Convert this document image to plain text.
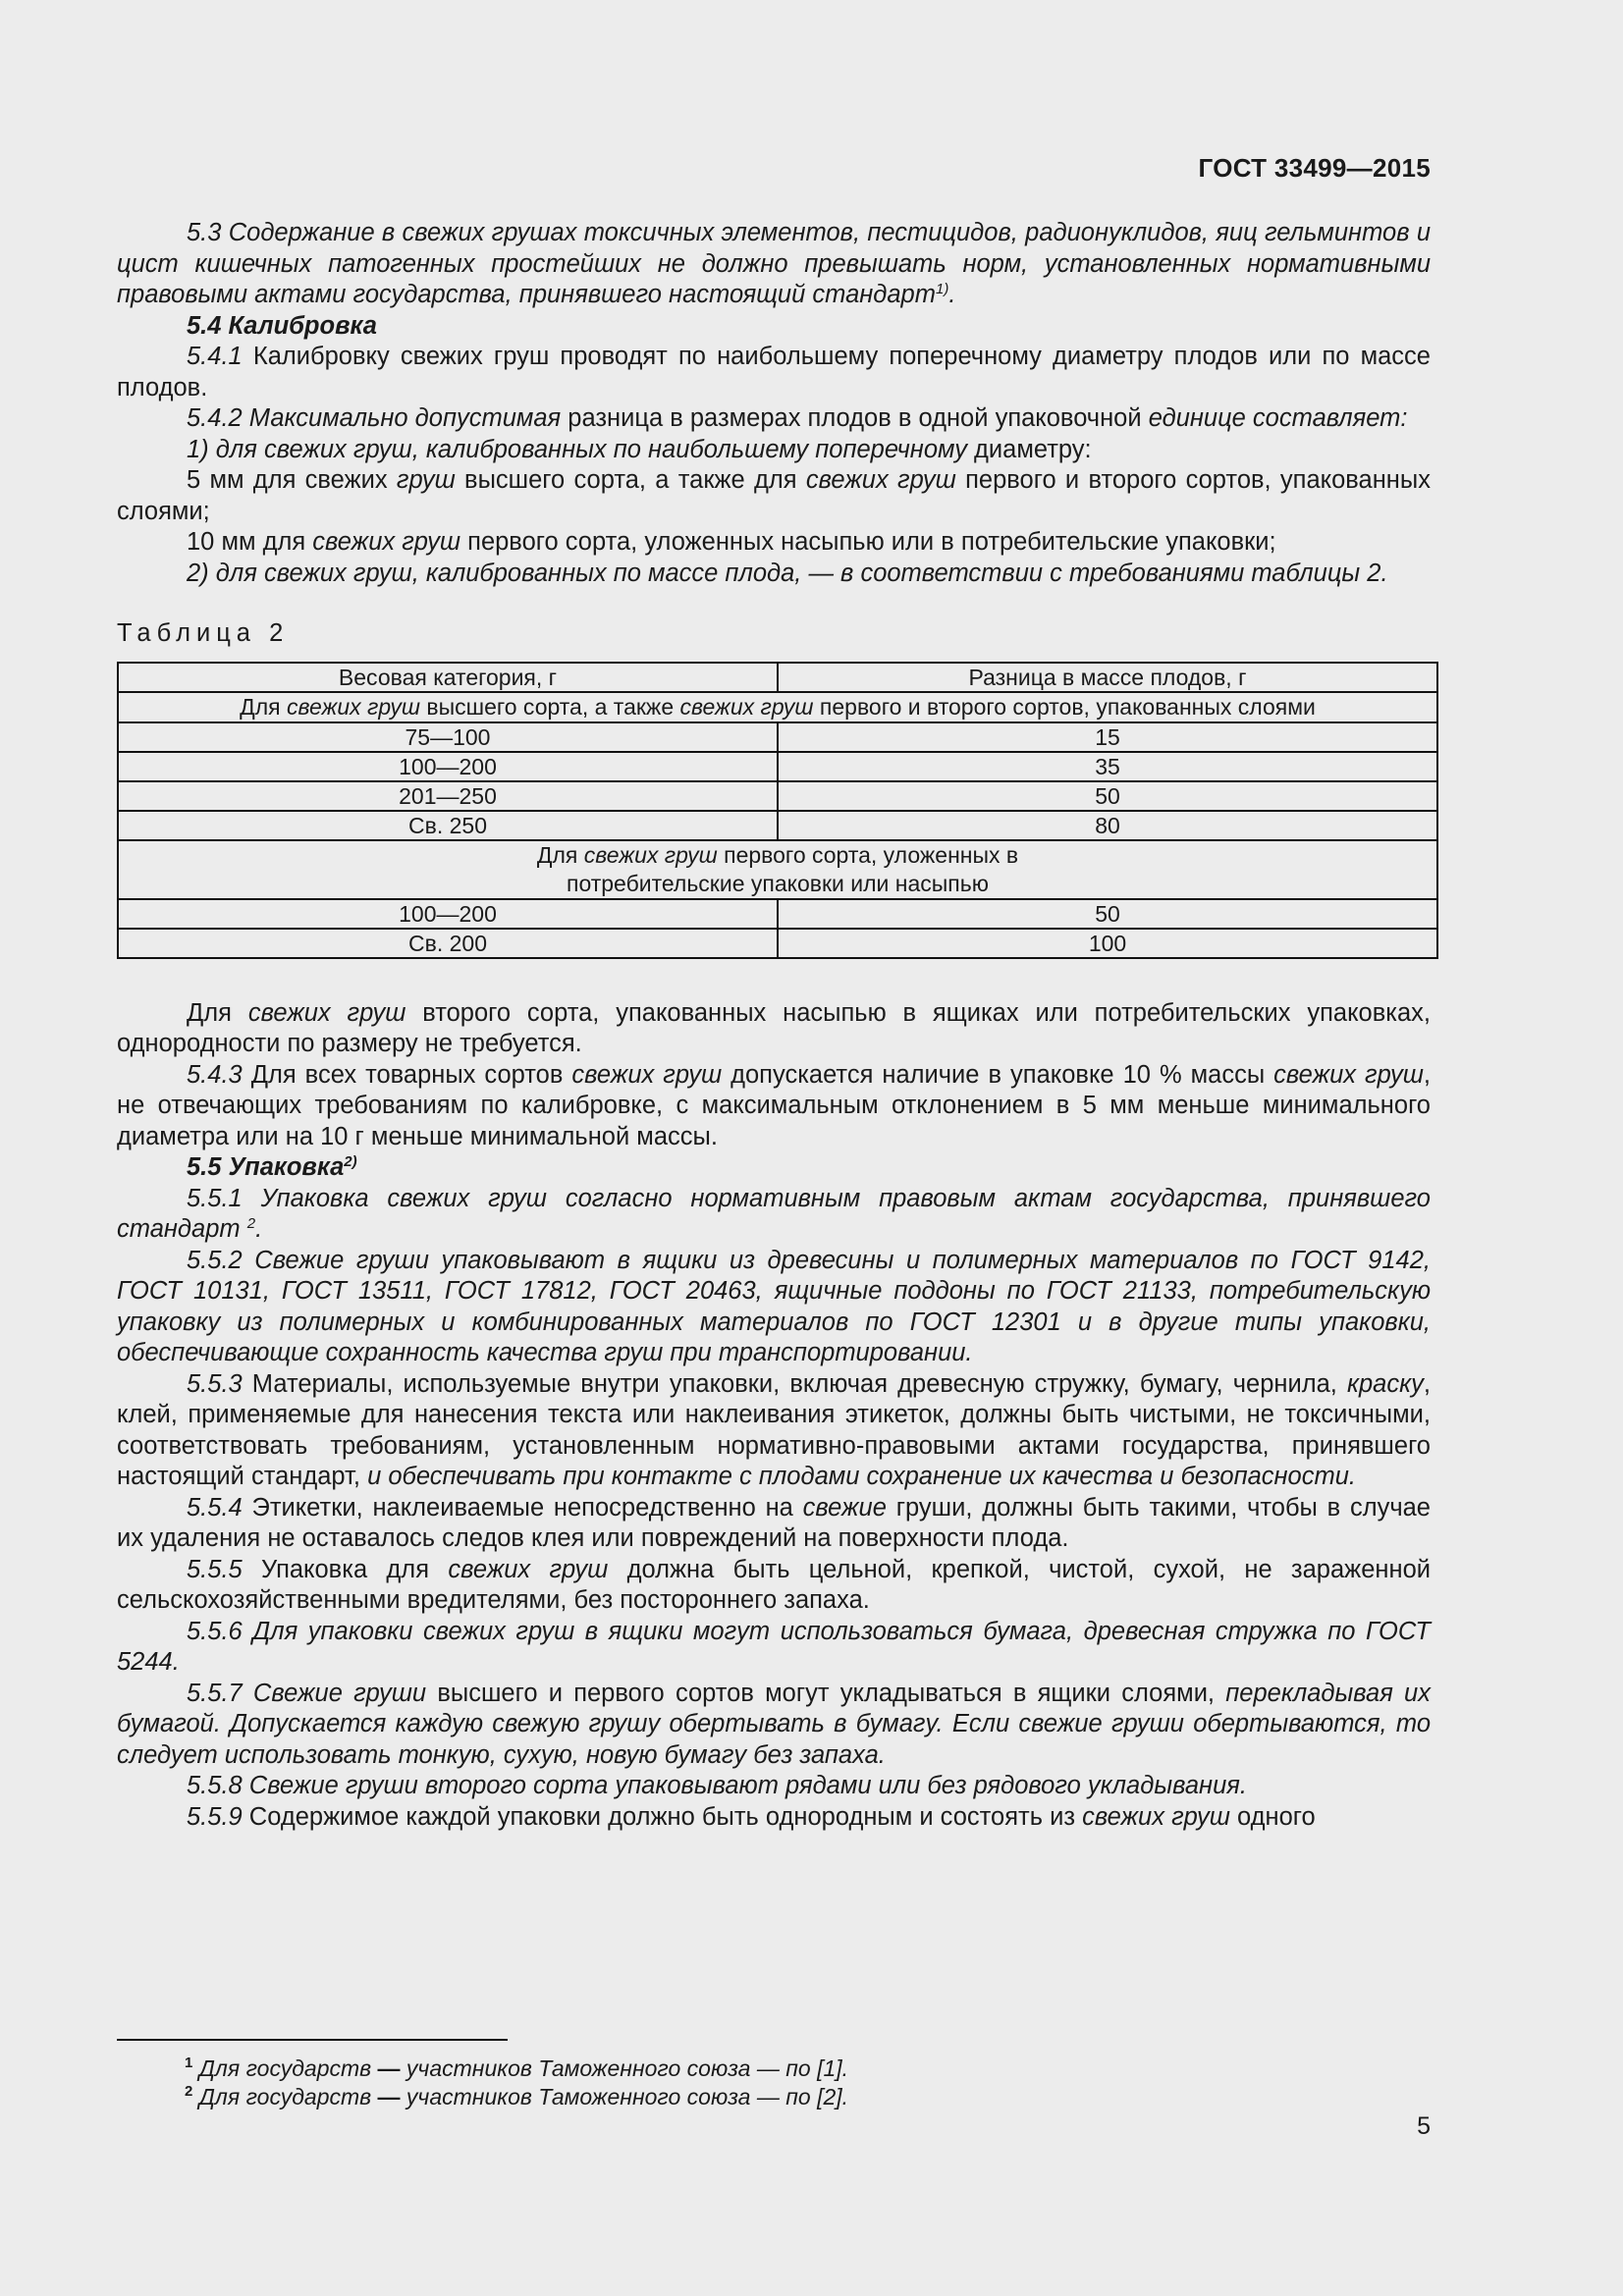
ГОСТ 33499—2015

5.3 Содержание в свежих грушах токсичных элементов, пестицидов, радионуклидов, яиц гельминтов и цист кишечных патогенных простейших не должно превышать норм, установленных нормативными правовыми актами государства, принявшего настоящий стандарт$^{1)}$.

5.4 Калибровка

5.4.1 Калибровку свежих груш проводят по наибольшему поперечному диаметру плодов или по массе плодов.

5.4.2 Максимально допустимая разница в размерах плодов в одной упаковочной единице составляет:

1) для свежих груш, калиброванных по наибольшему поперечному диаметру:

5 мм для свежих груш высшего сорта, а также для свежих груш первого и второго сортов, упакованных слоями;

10 мм для свежих груш первого сорта, уложенных насыпью или в потребительские упаковки;

2) для свежих груш, калиброванных по массе плода, — в соответствии с требованиями таблицы 2.

Таблица 2
Весовая категория, г	Разница в массе плодов, г
Для свежих груш высшего сорта, а также свежих груш первого и второго сортов, упакованных слоями	
75—100	15
100—200	35
201—250	50
Св. 250	80
Для свежих груш первого сорта, уложенных в потребительские упаковки или насыпью	
100—200	50
Св. 200	100

Для свежих груш второго сорта, упакованных насыпью в ящиках или потребительских упаковках, однородности по размеру не требуется.

5.4.3 Для всех товарных сортов свежих груш допускается наличие в упаковке 10 % массы свежих груш, не отвечающих требованиям по калибровке, с максимальным отклонением в 5 мм меньше минимального диаметра или на 10 г меньше минимальной массы.

5.5 Упаковка$^{2)}$

5.5.1 Упаковка свежих груш согласно нормативным правовым актам государства, принявшего стандарт $^2$.

5.5.2 Свежие груши упаковывают в ящики из древесины и полимерных материалов по ГОСТ 9142, ГОСТ 10131, ГОСТ 13511, ГОСТ 17812, ГОСТ 20463, ящичные поддоны по ГОСТ 21133, потребительскую упаковку из полимерных и комбинированных материалов по ГОСТ 12301 и в другие типы упаковки, обеспечивающие сохранность качества груш при транспортировании.

5.5.3 Материалы, используемые внутри упаковки, включая древесную стружку, бумагу, чернила, краску, клей, применяемые для нанесения текста или наклеивания этикеток, должны быть чистыми, не токсичными, соответствовать требованиям, установленным нормативно-правовыми актами государства, принявшего настоящий стандарт, и обеспечивать при контакте с плодами сохранение их качества и безопасности.

5.5.4 Этикетки, наклеиваемые непосредственно на свежие груши, должны быть такими, чтобы в случае их удаления не оставалось следов клея или повреждений на поверхности плода.

5.5.5 Упаковка для свежих груш должна быть цельной, крепкой, чистой, сухой, не зараженной сельскохозяйственными вредителями, без постороннего запаха.

5.5.6 Для упаковки свежих груш в ящики могут использоваться бумага, древесная стружка по ГОСТ 5244.

5.5.7 Свежие груши высшего и первого сортов могут укладываться в ящики слоями, перекладывая их бумагой. Допускается каждую свежую грушу обертывать в бумагу. Если свежие груши обертываются, то следует использовать тонкую, сухую, новую бумагу без запаха.

5.5.8 Свежие груши второго сорта упаковывают рядами или без рядового укладывания.

5.5.9 Содержимое каждой упаковки должно быть однородным и состоять из свежих груш одного

$^1$ Для государств — участников Таможенного союза — по [1].
$^2$ Для государств — участников Таможенного союза — по [2].
5
